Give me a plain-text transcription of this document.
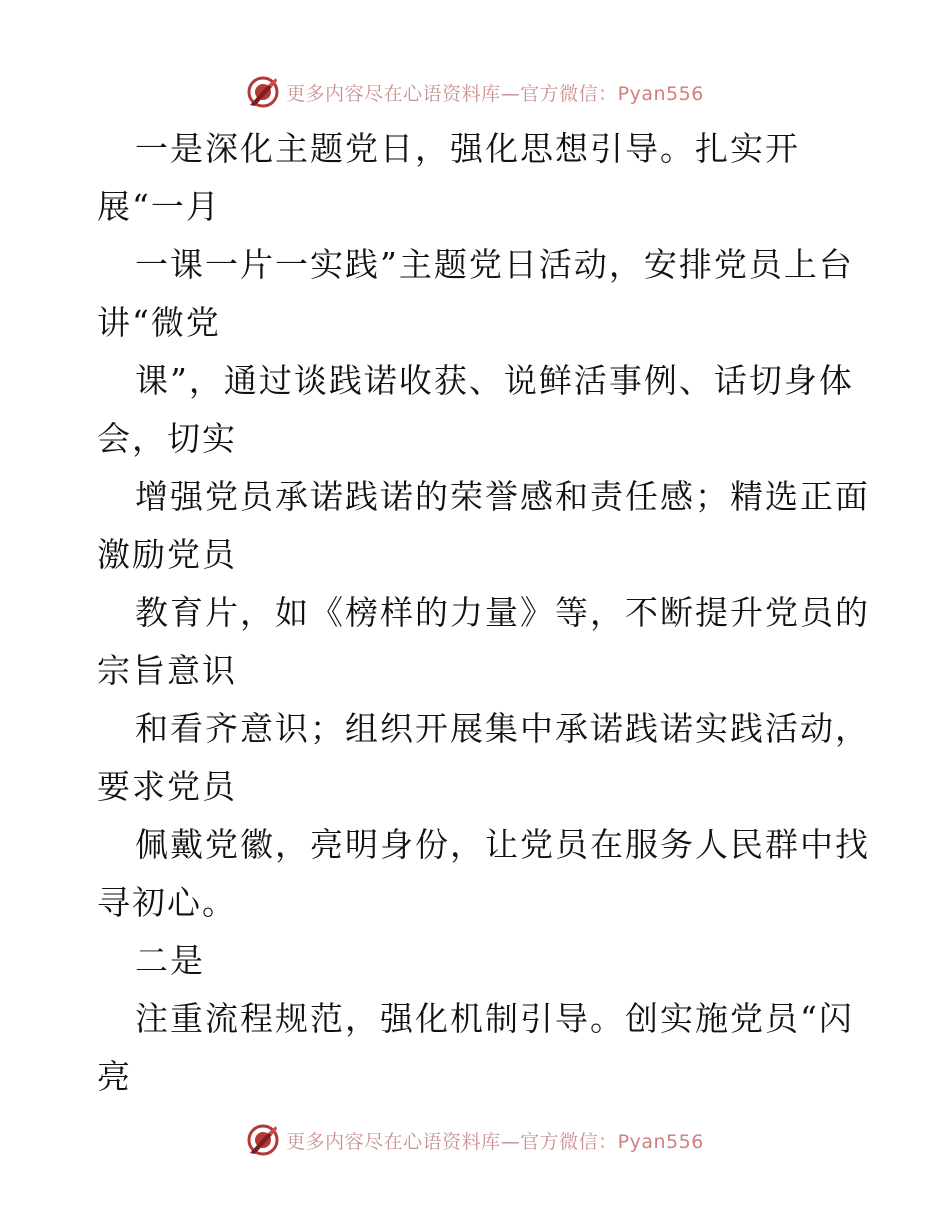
更多内容尽在心语资料库—官方微信：Pyan556
一是深化主题党日，强化思想引导。扎实开
展“一月
一课一片一实践”主题党日活动，安排党员上台
讲“微党
课”，通过谈践诺收获、说鲜活事例、话切身体
会，切实
增强党员承诺践诺的荣誉感和责任感；精选正面
激励党员
教育片，如《榜样的力量》等，不断提升党员的
宗旨意识
和看齐意识；组织开展集中承诺践诺实践活动，
要求党员
佩戴党徽，亮明身份，让党员在服务人民群中找
寻初心。
二是
注重流程规范，强化机制引导。创实施党员“闪
亮
更多内容尽在心语资料库—官方微信：Pyan556
